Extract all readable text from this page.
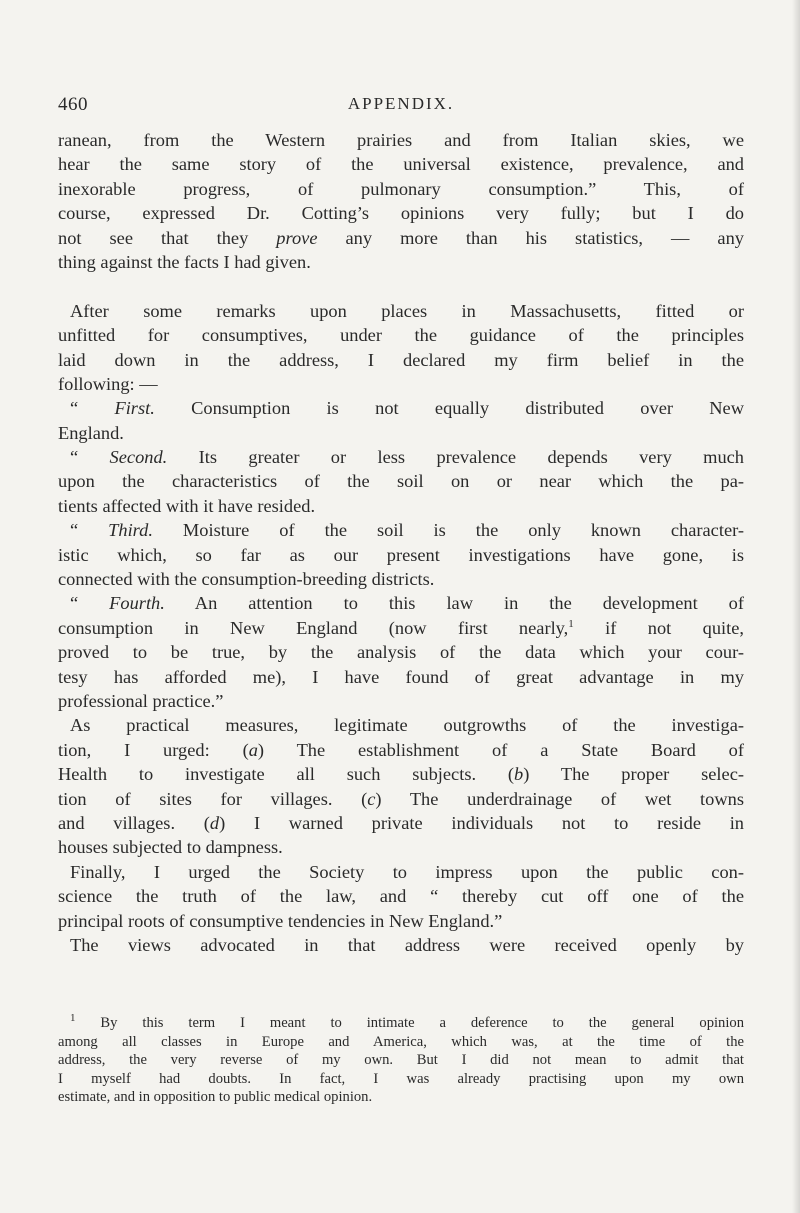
460	APPENDIX.
ranean, from the Western prairies and from Italian skies, we
hear the same story of the universal existence, prevalence, and
inexorable progress, of pulmonary consumption.” This, of
course, expressed Dr. Cotting’s opinions very fully; but I do
not see that they prove any more than his statistics, — any
thing against the facts I had given.
After some remarks upon places in Massachusetts, fitted or
unfitted for consumptives, under the guidance of the principles
laid down in the address, I declared my firm belief in the
following: —
“ First. Consumption is not equally distributed over New
England.
“ Second. Its greater or less prevalence depends very much
upon the characteristics of the soil on or near which the pa-
tients affected with it have resided.
“ Third. Moisture of the soil is the only known character-
istic which, so far as our present investigations have gone, is
connected with the consumption-breeding districts.
“ Fourth. An attention to this law in the development of
consumption in New England (now first nearly,$^1$ if not quite,
proved to be true, by the analysis of the data which your cour-
tesy has afforded me), I have found of great advantage in my
professional practice.”
As practical measures, legitimate outgrowths of the investiga-
tion, I urged: (a) The establishment of a State Board of
Health to investigate all such subjects. (b) The proper selec-
tion of sites for villages. (c) The underdrainage of wet towns
and villages. (d) I warned private individuals not to reside in
houses subjected to dampness.
Finally, I urged the Society to impress upon the public con-
science the truth of the law, and “ thereby cut off one of the
principal roots of consumptive tendencies in New England.”
The views advocated in that address were received openly by
$^1$ By this term I meant to intimate a deference to the general opinion
among all classes in Europe and America, which was, at the time of the
address, the very reverse of my own. But I did not mean to admit that
I myself had doubts. In fact, I was already practising upon my own
estimate, and in opposition to public medical opinion.
